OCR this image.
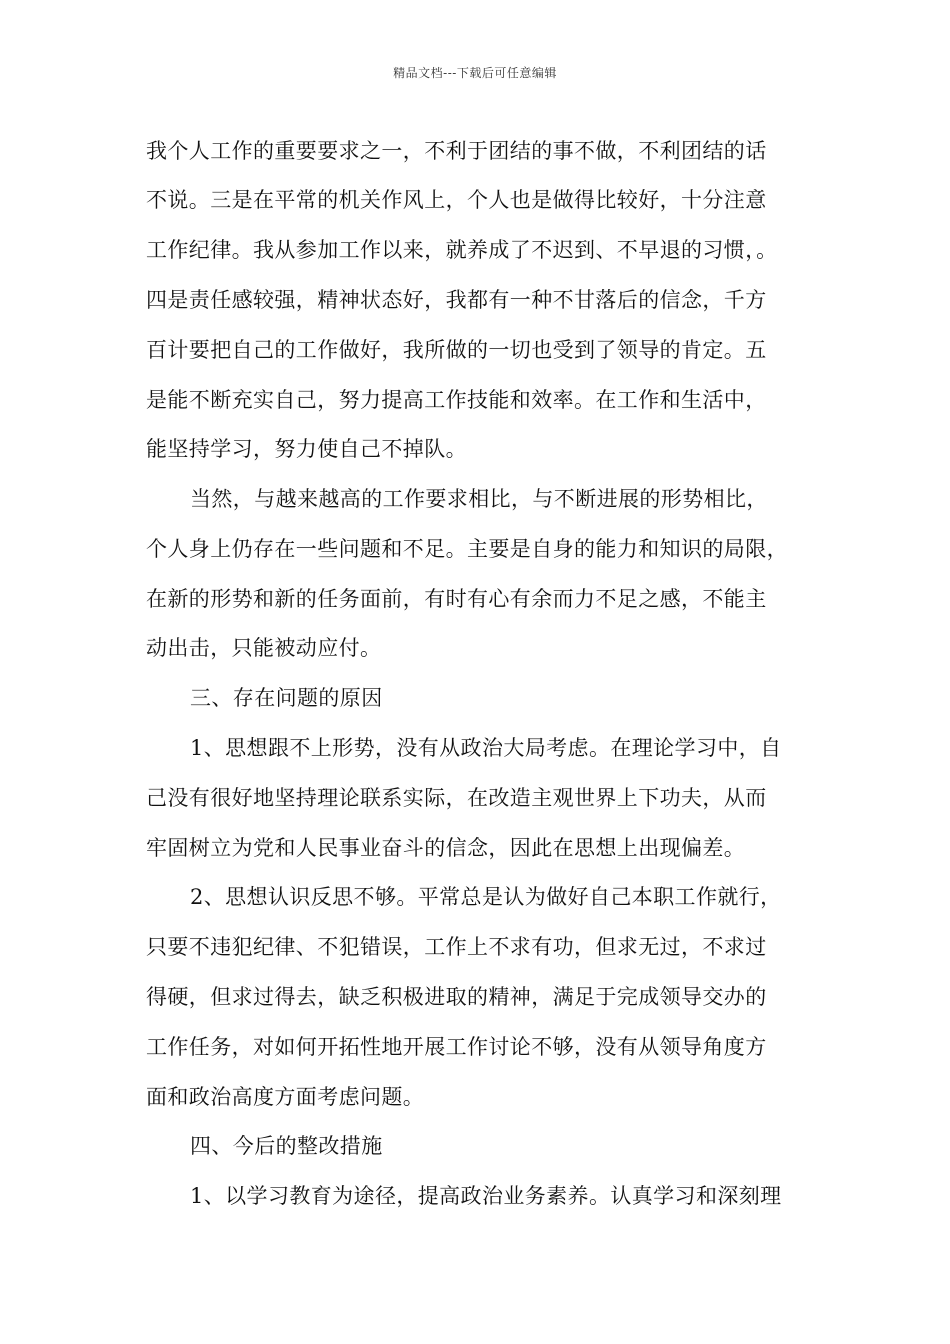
精品文档---下载后可任意编辑
我个人工作的重要要求之一，不利于团结的事不做，不利团结的话
不说。三是在平常的机关作风上，个人也是做得比较好，十分注意
工作纪律。我从参加工作以来，就养成了不迟到、不早退的习惯，。
四是责任感较强，精神状态好，我都有一种不甘落后的信念，千方
百计要把自己的工作做好，我所做的一切也受到了领导的肯定。五
是能不断充实自己，努力提高工作技能和效率。在工作和生活中，
能坚持学习，努力使自己不掉队。
当然，与越来越高的工作要求相比，与不断进展的形势相比，
个人身上仍存在一些问题和不足。主要是自身的能力和知识的局限，
在新的形势和新的任务面前，有时有心有余而力不足之感，不能主
动出击，只能被动应付。
三、存在问题的原因
1、思想跟不上形势，没有从政治大局考虑。在理论学习中，自
己没有很好地坚持理论联系实际，在改造主观世界上下功夫，从而
牢固树立为党和人民事业奋斗的信念，因此在思想上出现偏差。
2、思想认识反思不够。平常总是认为做好自己本职工作就行，
只要不违犯纪律、不犯错误，工作上不求有功，但求无过，不求过
得硬，但求过得去，缺乏积极进取的精神，满足于完成领导交办的
工作任务，对如何开拓性地开展工作讨论不够，没有从领导角度方
面和政治高度方面考虑问题。
四、今后的整改措施
1、以学习教育为途径，提高政治业务素养。认真学习和深刻理
